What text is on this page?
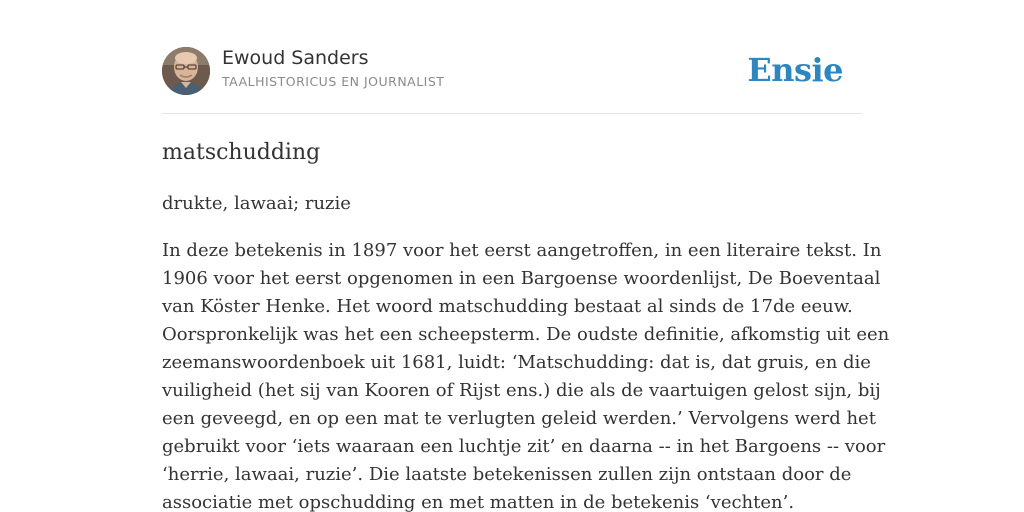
Ewoud Sanders
TAALHISTORICUS EN JOURNALIST	Ensie
matschudding
drukte, lawaai; ruzie
In deze betekenis in 1897 voor het eerst aangetroffen, in een literaire tekst. In
1906 voor het eerst opgenomen in een Bargoense woordenlijst, De Boeventaal
van Köster Henke. Het woord matschudding bestaat al sinds de 17de eeuw.
Oorspronkelijk was het een scheepsterm. De oudste definitie, afkomstig uit een
zeemanswoordenboek uit 1681, luidt: ‘Matschudding: dat is, dat gruis, en die
vuiligheid (het sij van Kooren of Rijst ens.) die als de vaartuigen gelost sijn, bij
een geveegd, en op een mat te verlugten geleid werden.’ Vervolgens werd het
gebruikt voor ‘iets waaraan een luchtje zit’ en daarna -- in het Bargoens -- voor
‘herrie, lawaai, ruzie’. Die laatste betekenissen zullen zijn ontstaan door de
associatie met opschudding en met matten in de betekenis ‘vechten’.
